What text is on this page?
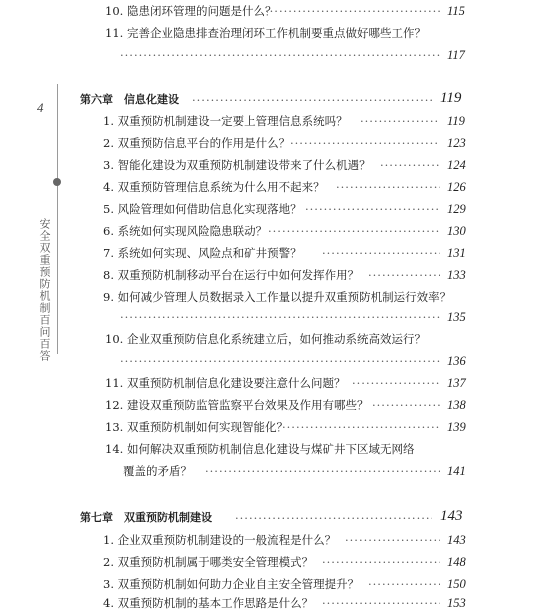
4
安全双重预防机制百问百答
10. 隐患闭环管理的问题是什么？ ·····	115
11. 完善企业隐患排查治理闭环工作机制要重点做好哪些工作？
·····
117
第六章　信息化建设 ·····	119
1. 双重预防机制建设一定要上管理信息系统吗？ ·····	119
2. 双重预防信息平台的作用是什么？ ·····	123
3. 智能化建设为双重预防机制建设带来了什么机遇？ ·····	124
4. 双重预防管理信息系统为什么用不起来？ ·····	126
5. 风险管理如何借助信息化实现落地？ ·····	129
6. 系统如何实现风险隐患联动？ ·····	130
7. 系统如何实现、风险点和矿井预警？ ·····	131
8. 双重预防机制移动平台在运行中如何发挥作用？ ·····	133
9. 如何减少管理人员数据录入工作量以提升双重预防机制运行效率？
·····
135
10. 企业双重预防信息化系统建立后，如何推动系统高效运行？
·····
136
11. 双重预防机制信息化建设要注意什么问题？ ·····	137
12. 建设双重预防监管监察平台效果及作用有哪些？ ·····	138
13. 双重预防机制如何实现智能化？ ·····	139
14. 如何解决双重预防机制信息化建设与煤矿井下区域无网络
覆盖的矛盾？ ·····	141
第七章　双重预防机制建设 ·····	143
1. 企业双重预防机制建设的一般流程是什么？ ·····	143
2. 双重预防机制属于哪类安全管理模式？ ·····	148
3. 双重预防机制如何助力企业自主安全管理提升？ ·····	150
4. 双重预防机制的基本工作思路是什么？ ·····	153
